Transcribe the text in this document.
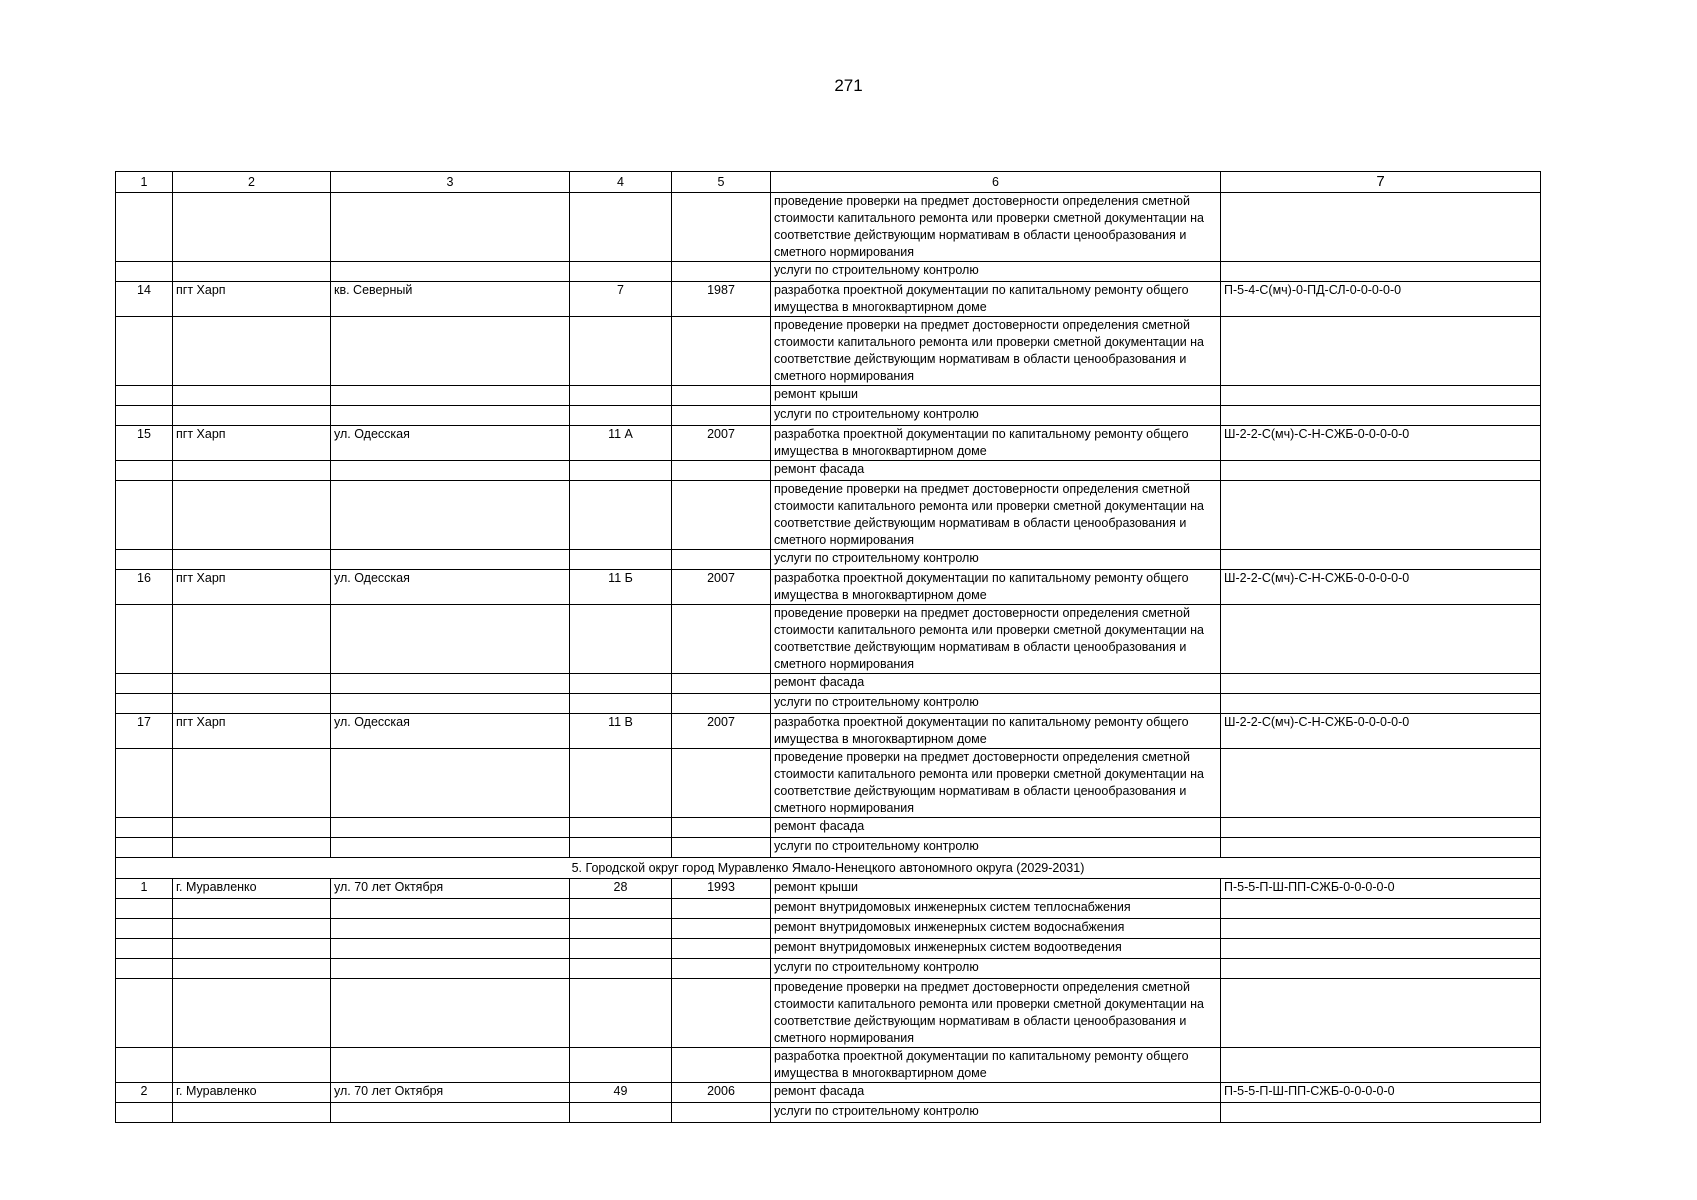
271
1	2	3	4	5	6	7
					проведение проверки на предмет достоверности определения сметной стоимости капитального ремонта или проверки сметной документации на соответствие действующим нормативам в области ценообразования и сметного нормирования	
					услуги по строительному контролю	
14	пгт Харп	кв. Северный	7	1987	разработка проектной документации по капитальному ремонту общего имущества в многоквартирном доме	П-5-4-С(мч)-0-ПД-СЛ-0-0-0-0-0
					проведение проверки на предмет достоверности определения сметной стоимости капитального ремонта или проверки сметной документации на соответствие действующим нормативам в области ценообразования и сметного нормирования	
					ремонт крыши	
					услуги по строительному контролю	
15	пгт Харп	ул. Одесская	11 А	2007	разработка проектной документации по капитальному ремонту общего имущества в многоквартирном доме	Ш-2-2-С(мч)-С-Н-СЖБ-0-0-0-0-0
					ремонт фасада	
					проведение проверки на предмет достоверности определения сметной стоимости капитального ремонта или проверки сметной документации на соответствие действующим нормативам в области ценообразования и сметного нормирования	
					услуги по строительному контролю	
16	пгт Харп	ул. Одесская	11 Б	2007	разработка проектной документации по капитальному ремонту общего имущества в многоквартирном доме	Ш-2-2-С(мч)-С-Н-СЖБ-0-0-0-0-0
					проведение проверки на предмет достоверности определения сметной стоимости капитального ремонта или проверки сметной документации на соответствие действующим нормативам в области ценообразования и сметного нормирования	
					ремонт фасада	
					услуги по строительному контролю	
17	пгт Харп	ул. Одесская	11 В	2007	разработка проектной документации по капитальному ремонту общего имущества в многоквартирном доме	Ш-2-2-С(мч)-С-Н-СЖБ-0-0-0-0-0
					проведение проверки на предмет достоверности определения сметной стоимости капитального ремонта или проверки сметной документации на соответствие действующим нормативам в области ценообразования и сметного нормирования	
					ремонт фасада	
					услуги по строительному контролю	
5. Городской округ город Муравленко Ямало-Ненецкого автономного округа (2029-2031)						
1	г. Муравленко	ул. 70 лет Октября	28	1993	ремонт крыши	П-5-5-П-Ш-ПП-СЖБ-0-0-0-0-0
					ремонт внутридомовых инженерных систем теплоснабжения	
					ремонт внутридомовых инженерных систем водоснабжения	
					ремонт внутридомовых инженерных систем водоотведения	
					услуги по строительному контролю	
					проведение проверки на предмет достоверности определения сметной стоимости капитального ремонта или проверки сметной документации на соответствие действующим нормативам в области ценообразования и сметного нормирования	
					разработка проектной документации по капитальному ремонту общего имущества в многоквартирном доме	
2	г. Муравленко	ул. 70 лет Октября	49	2006	ремонт фасада	П-5-5-П-Ш-ПП-СЖБ-0-0-0-0-0
					услуги по строительному контролю	
